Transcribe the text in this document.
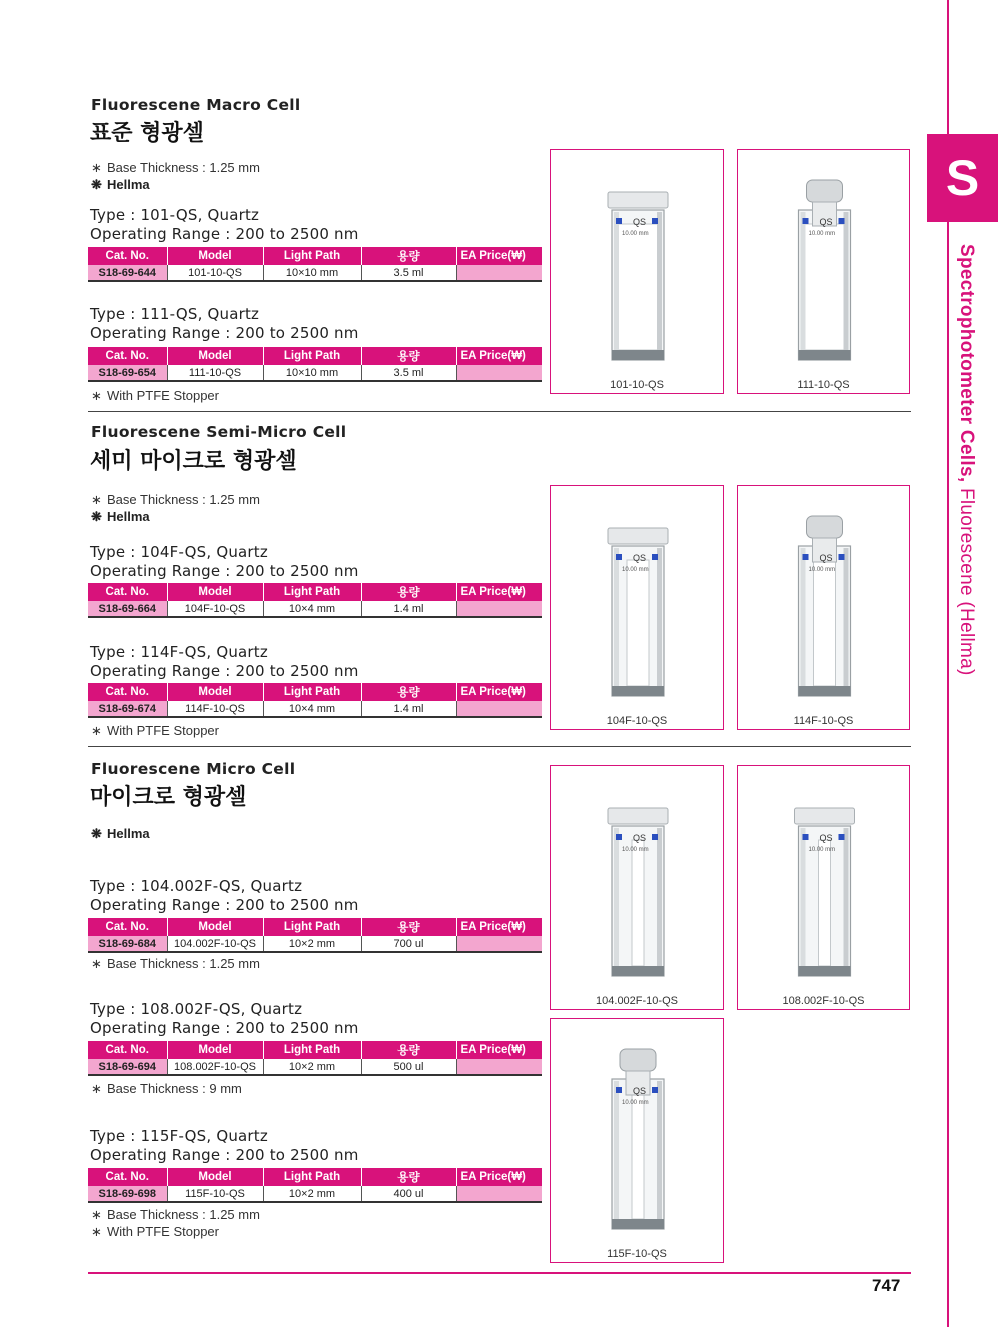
S
Spectrophotometer Cells, Fluorescene (Hellma)
Fluorescene Macro Cell
표준 형광셀
∗ Base Thickness : 1.25 mm
❋ Hellma
Type : 101-QS, Quartz
Operating Range : 200 to 2500 nm
Cat. No.	Model	Light Path	용량	EA Price(₩)
S18-69-644	101-10-QS	10×10 mm	3.5 ml	
Type : 111-QS, Quartz
Operating Range : 200 to 2500 nm
Cat. No.	Model	Light Path	용량	EA Price(₩)
S18-69-654	111-10-QS	10×10 mm	3.5 ml	
∗ With PTFE Stopper
Fluorescene Semi-Micro Cell
세미 마이크로 형광셀
∗ Base Thickness : 1.25 mm
❋ Hellma
Type : 104F-QS, Quartz
Operating Range : 200 to 2500 nm
Cat. No.	Model	Light Path	용량	EA Price(₩)
S18-69-664	104F-10-QS	10×4 mm	1.4 ml	
Type : 114F-QS, Quartz
Operating Range : 200 to 2500 nm
Cat. No.	Model	Light Path	용량	EA Price(₩)
S18-69-674	114F-10-QS	10×4 mm	1.4 ml	
∗ With PTFE Stopper
Fluorescene Micro Cell
마이크로 형광셀
❋ Hellma
Type : 104.002F-QS, Quartz
Operating Range : 200 to 2500 nm
Cat. No.	Model	Light Path	용량	EA Price(₩)
S18-69-684	104.002F-10-QS	10×2 mm	700 ul	
∗ Base Thickness : 1.25 mm
Type : 108.002F-QS, Quartz
Operating Range : 200 to 2500 nm
Cat. No.	Model	Light Path	용량	EA Price(₩)
S18-69-694	108.002F-10-QS	10×2 mm	500 ul	
∗ Base Thickness : 9 mm
Type : 115F-QS, Quartz
Operating Range : 200 to 2500 nm
Cat. No.	Model	Light Path	용량	EA Price(₩)
S18-69-698	115F-10-QS	10×2 mm	400 ul	
∗ Base Thickness : 1.25 mm
∗ With PTFE Stopper
QS
10.00 mm
101-10-QS
QS
10.00 mm
111-10-QS
QS
10.00 mm
104F-10-QS
QS
10.00 mm
114F-10-QS
QS
10.00 mm
104.002F-10-QS
QS
10.00 mm
108.002F-10-QS
QS
10.00 mm
115F-10-QS
747
